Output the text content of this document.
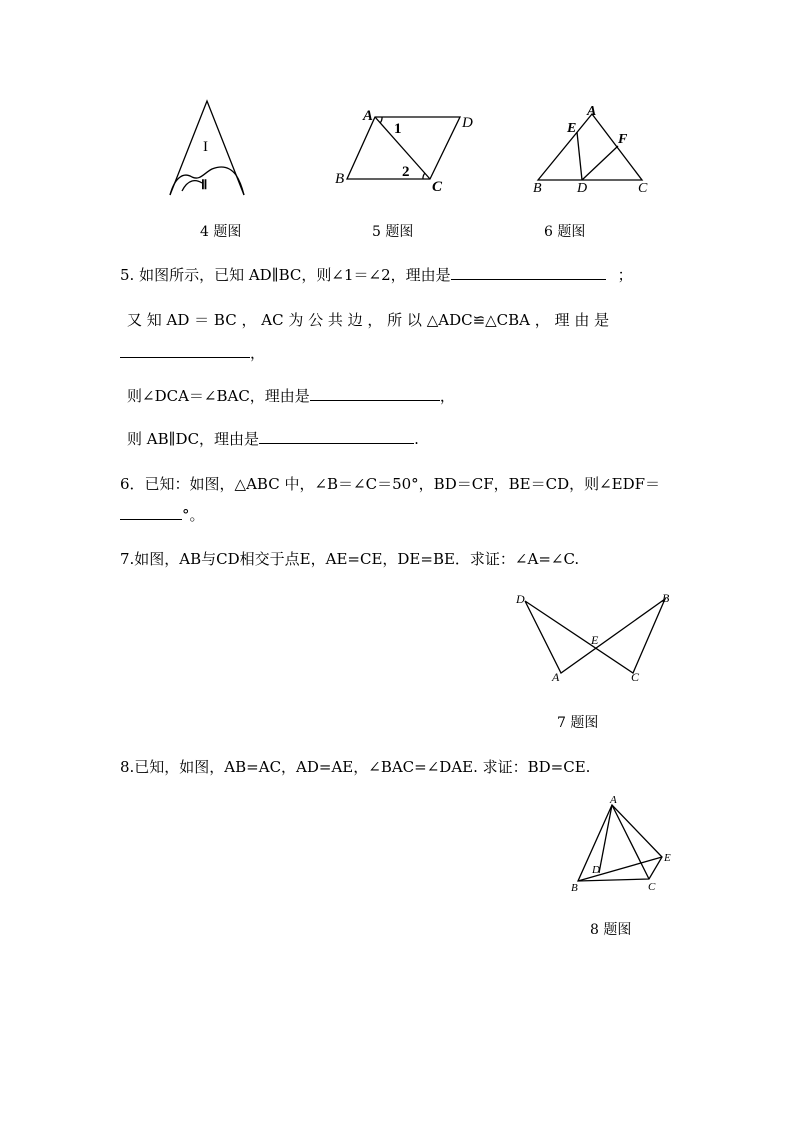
I
Ⅱ
4 题图
A	D
B	C
1
2
5 题图
A
E
F
B	D	C
6 题图
5. 如图所示，已知 AD∥BC，则∠1＝∠2，理由是	；
又 知 AD ＝ BC ， AC 为 公 共 边 ， 所 以 △ADC≌△CBA ， 理 由 是
，
则∠DCA＝∠BAC，理由是	，
则 AB∥DC，理由是	.
6．已知：如图，△ABC 中，∠B＝∠C＝50°，BD＝CF，BE＝CD，则∠EDF＝
°。
7.如图，AB与CD相交于点E，AE=CE，DE=BE．求证：∠A=∠C.
D	B
E
A	C
7 题图
8.已知，如图，AB=AC，AD=AE，∠BAC=∠DAE. 求证：BD=CE.
A
E
D
B	C
8 题图
